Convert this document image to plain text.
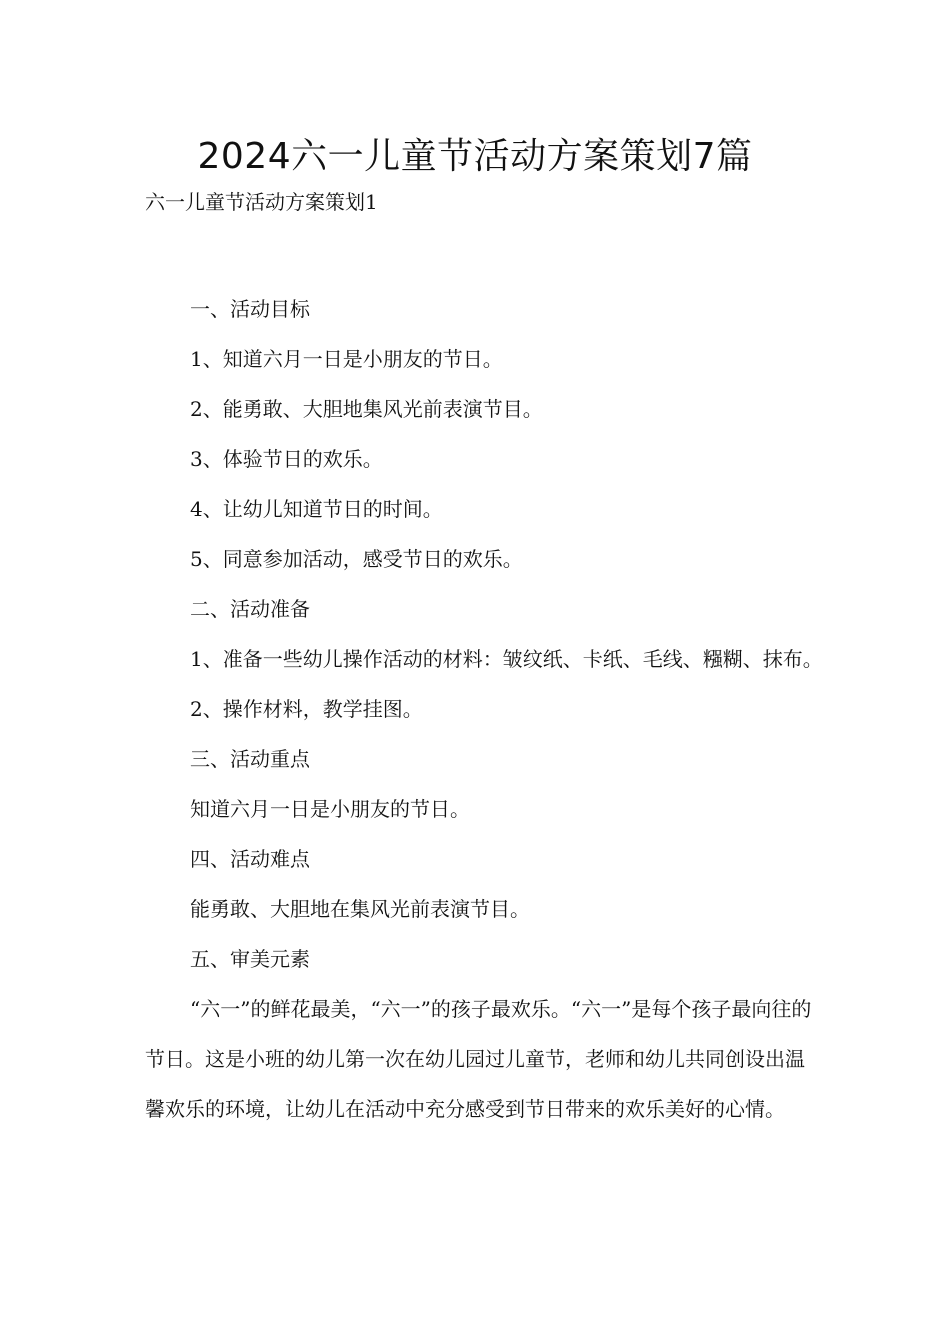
2024六一儿童节活动方案策划7篇

六一儿童节活动方案策划1

一、活动目标

1、知道六月一日是小朋友的节日。

2、能勇敢、大胆地集风光前表演节目。

3、体验节日的欢乐。

4、让幼儿知道节日的时间。

5、同意参加活动，感受节日的欢乐。

二、活动准备

1、准备一些幼儿操作活动的材料：皱纹纸、卡纸、毛线、糨糊、抹布。

2、操作材料，教学挂图。

三、活动重点

知道六月一日是小朋友的节日。

四、活动难点

能勇敢、大胆地在集风光前表演节目。

五、审美元素

“六一”的鲜花最美，“六一”的孩子最欢乐。“六一”是每个孩子最向往的节日。这是小班的幼儿第一次在幼儿园过儿童节，老师和幼儿共同创设出温馨欢乐的环境，让幼儿在活动中充分感受到节日带来的欢乐美好的心情。
